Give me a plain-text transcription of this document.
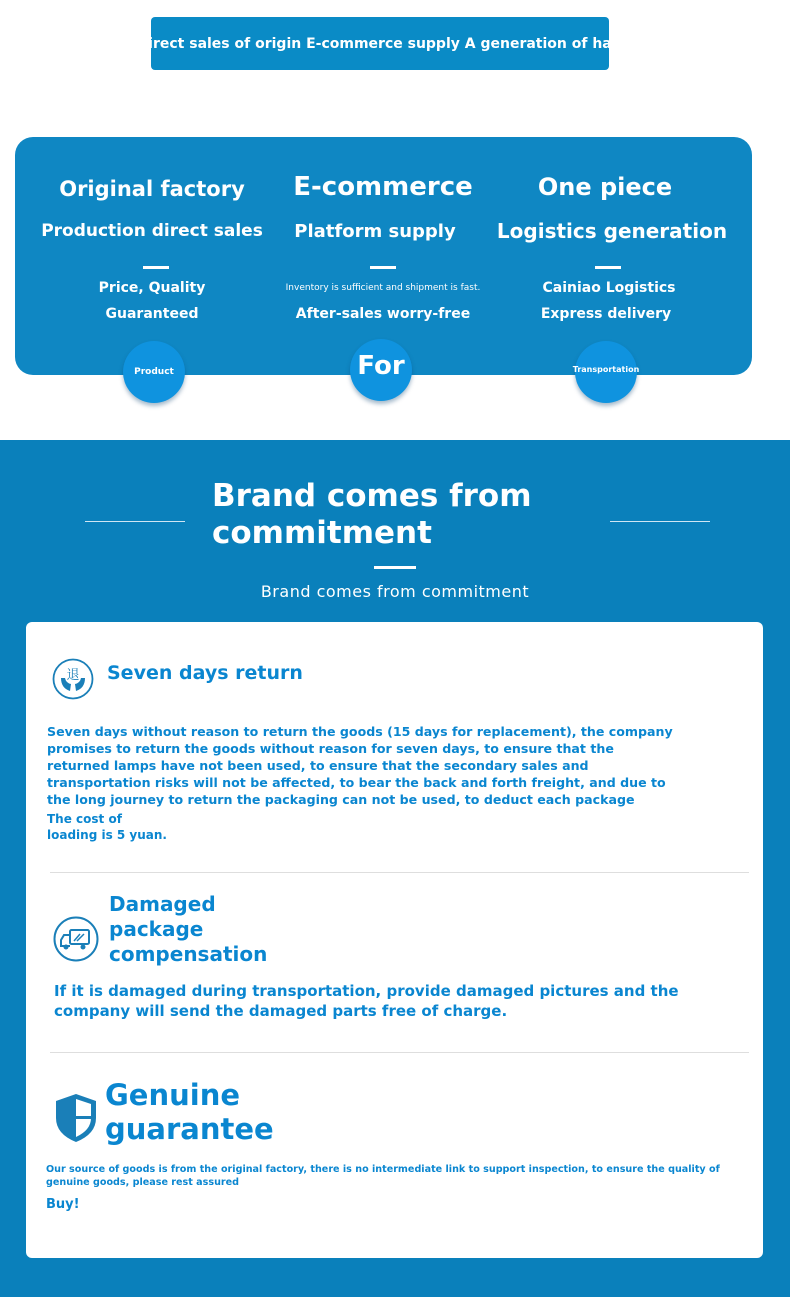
Direct sales of origin E-commerce supply A generation of hair
Original factory
Production direct sales
Price, Quality
Guaranteed
E-commerce
Platform supply
Inventory is sufficient and shipment is fast.
After-sales worry-free
One piece
Logistics generation
Cainiao Logistics
Express delivery
Product	For	Transportation
Brand comes from commitment
Brand comes from commitment
退 Seven days return
Seven days without reason to return the goods (15 days for replacement), the company promises to return the goods without reason for seven days, to ensure that the returned lamps have not been used, to ensure that the secondary sales and transportation risks will not be affected, to bear the back and forth freight, and due to the long journey to return the packaging can not be used, to deduct each package
The cost of loading is 5 yuan.
Damaged package compensation
If it is damaged during transportation, provide damaged pictures and the company will send the damaged parts free of charge.
Genuine guarantee
Our source of goods is from the original factory, there is no intermediate link to support inspection, to ensure the quality of genuine goods, please rest assured
Buy!
